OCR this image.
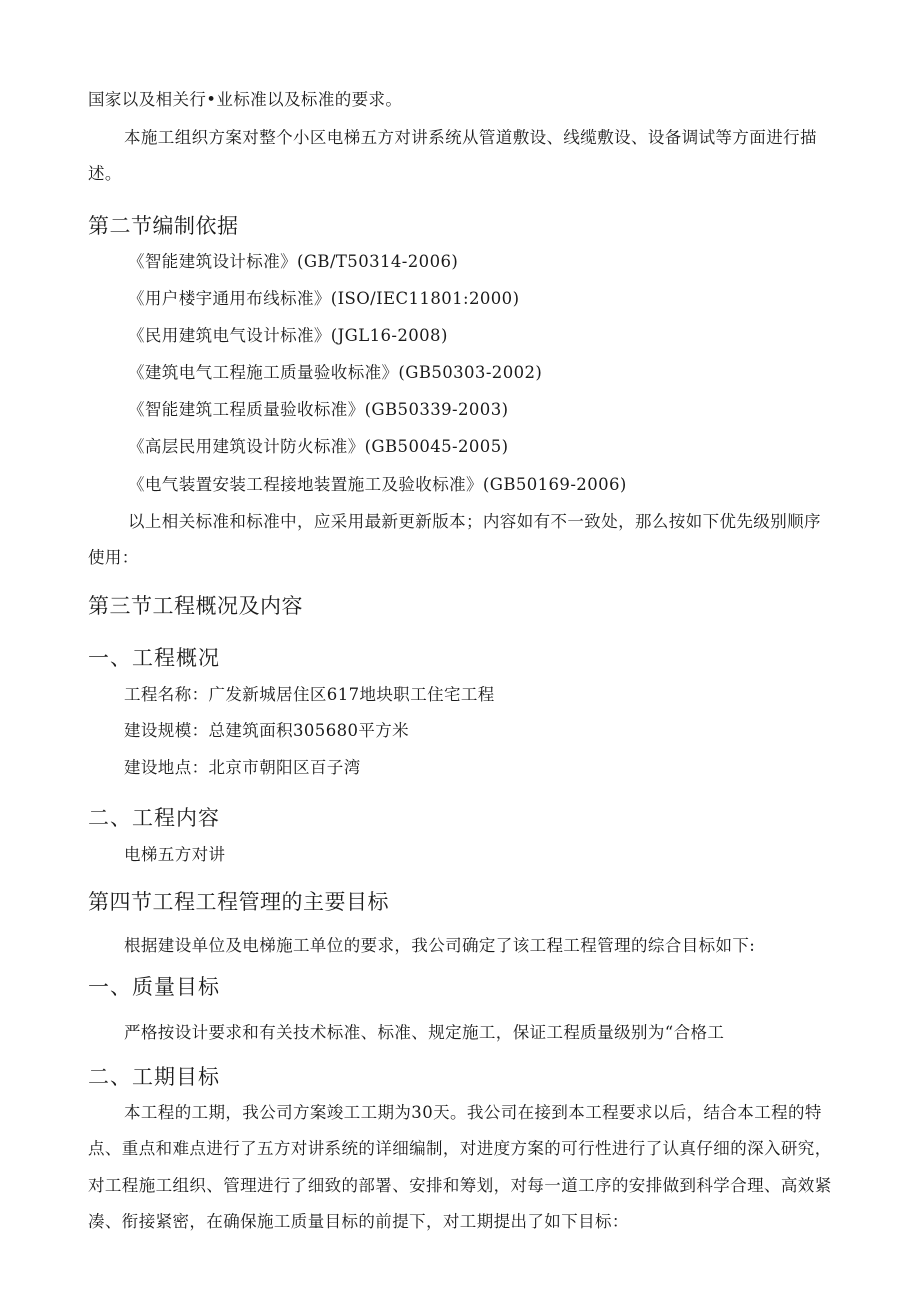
国家以及相关行•业标准以及标准的要求。
本施工组织方案对整个小区电梯五方对讲系统从管道敷设、线缆敷设、设备调试等方面进行描
述。
第二节编制依据
《智能建筑设计标准》(GB/T50314-2006)
《用户楼宇通用布线标准》(ISO/IEC11801:2000)
《民用建筑电气设计标准》(JGL16-2008)
《建筑电气工程施工质量验收标准》(GB50303-2002)
《智能建筑工程质量验收标准》(GB50339-2003)
《高层民用建筑设计防火标准》(GB50045-2005)
《电气装置安装工程接地装置施工及验收标准》(GB50169-2006)
以上相关标准和标准中，应采用最新更新版本；内容如有不一致处，那么按如下优先级别顺序
使用：
第三节工程概况及内容
一、工程概况
工程名称：广发新城居住区617地块职工住宅工程
建设规模：总建筑面积305680平方米
建设地点：北京市朝阳区百子湾
二、工程内容
电梯五方对讲
第四节工程工程管理的主要目标
根据建设单位及电梯施工单位的要求，我公司确定了该工程工程管理的综合目标如下:
一、质量目标
严格按设计要求和有关技术标准、标准、规定施工，保证工程质量级别为“合格工
二、工期目标
本工程的工期，我公司方案竣工工期为30天。我公司在接到本工程要求以后，结合本工程的特
点、重点和难点进行了五方对讲系统的详细编制，对进度方案的可行性进行了认真仔细的深入研究，
对工程施工组织、管理进行了细致的部署、安排和筹划，对每一道工序的安排做到科学合理、高效紧
凑、衔接紧密，在确保施工质量目标的前提下，对工期提出了如下目标：
